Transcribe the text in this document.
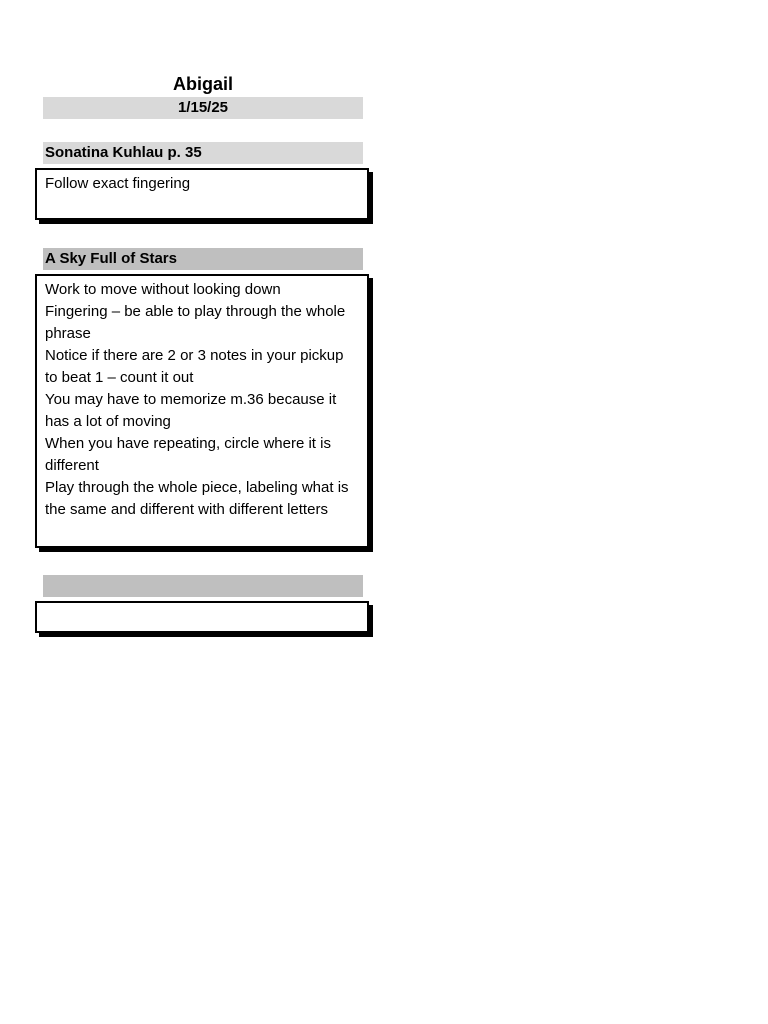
Abigail
1/15/25
Sonatina Kuhlau p. 35
Follow exact fingering
A Sky Full of Stars
Work to move without looking down
Fingering – be able to play through the whole phrase
Notice if there are 2 or 3 notes in your pickup to beat 1 – count it out
You may have to memorize m.36 because it has a lot of moving
When you have repeating, circle where it is different
Play through the whole piece, labeling what is the same and different with different letters
